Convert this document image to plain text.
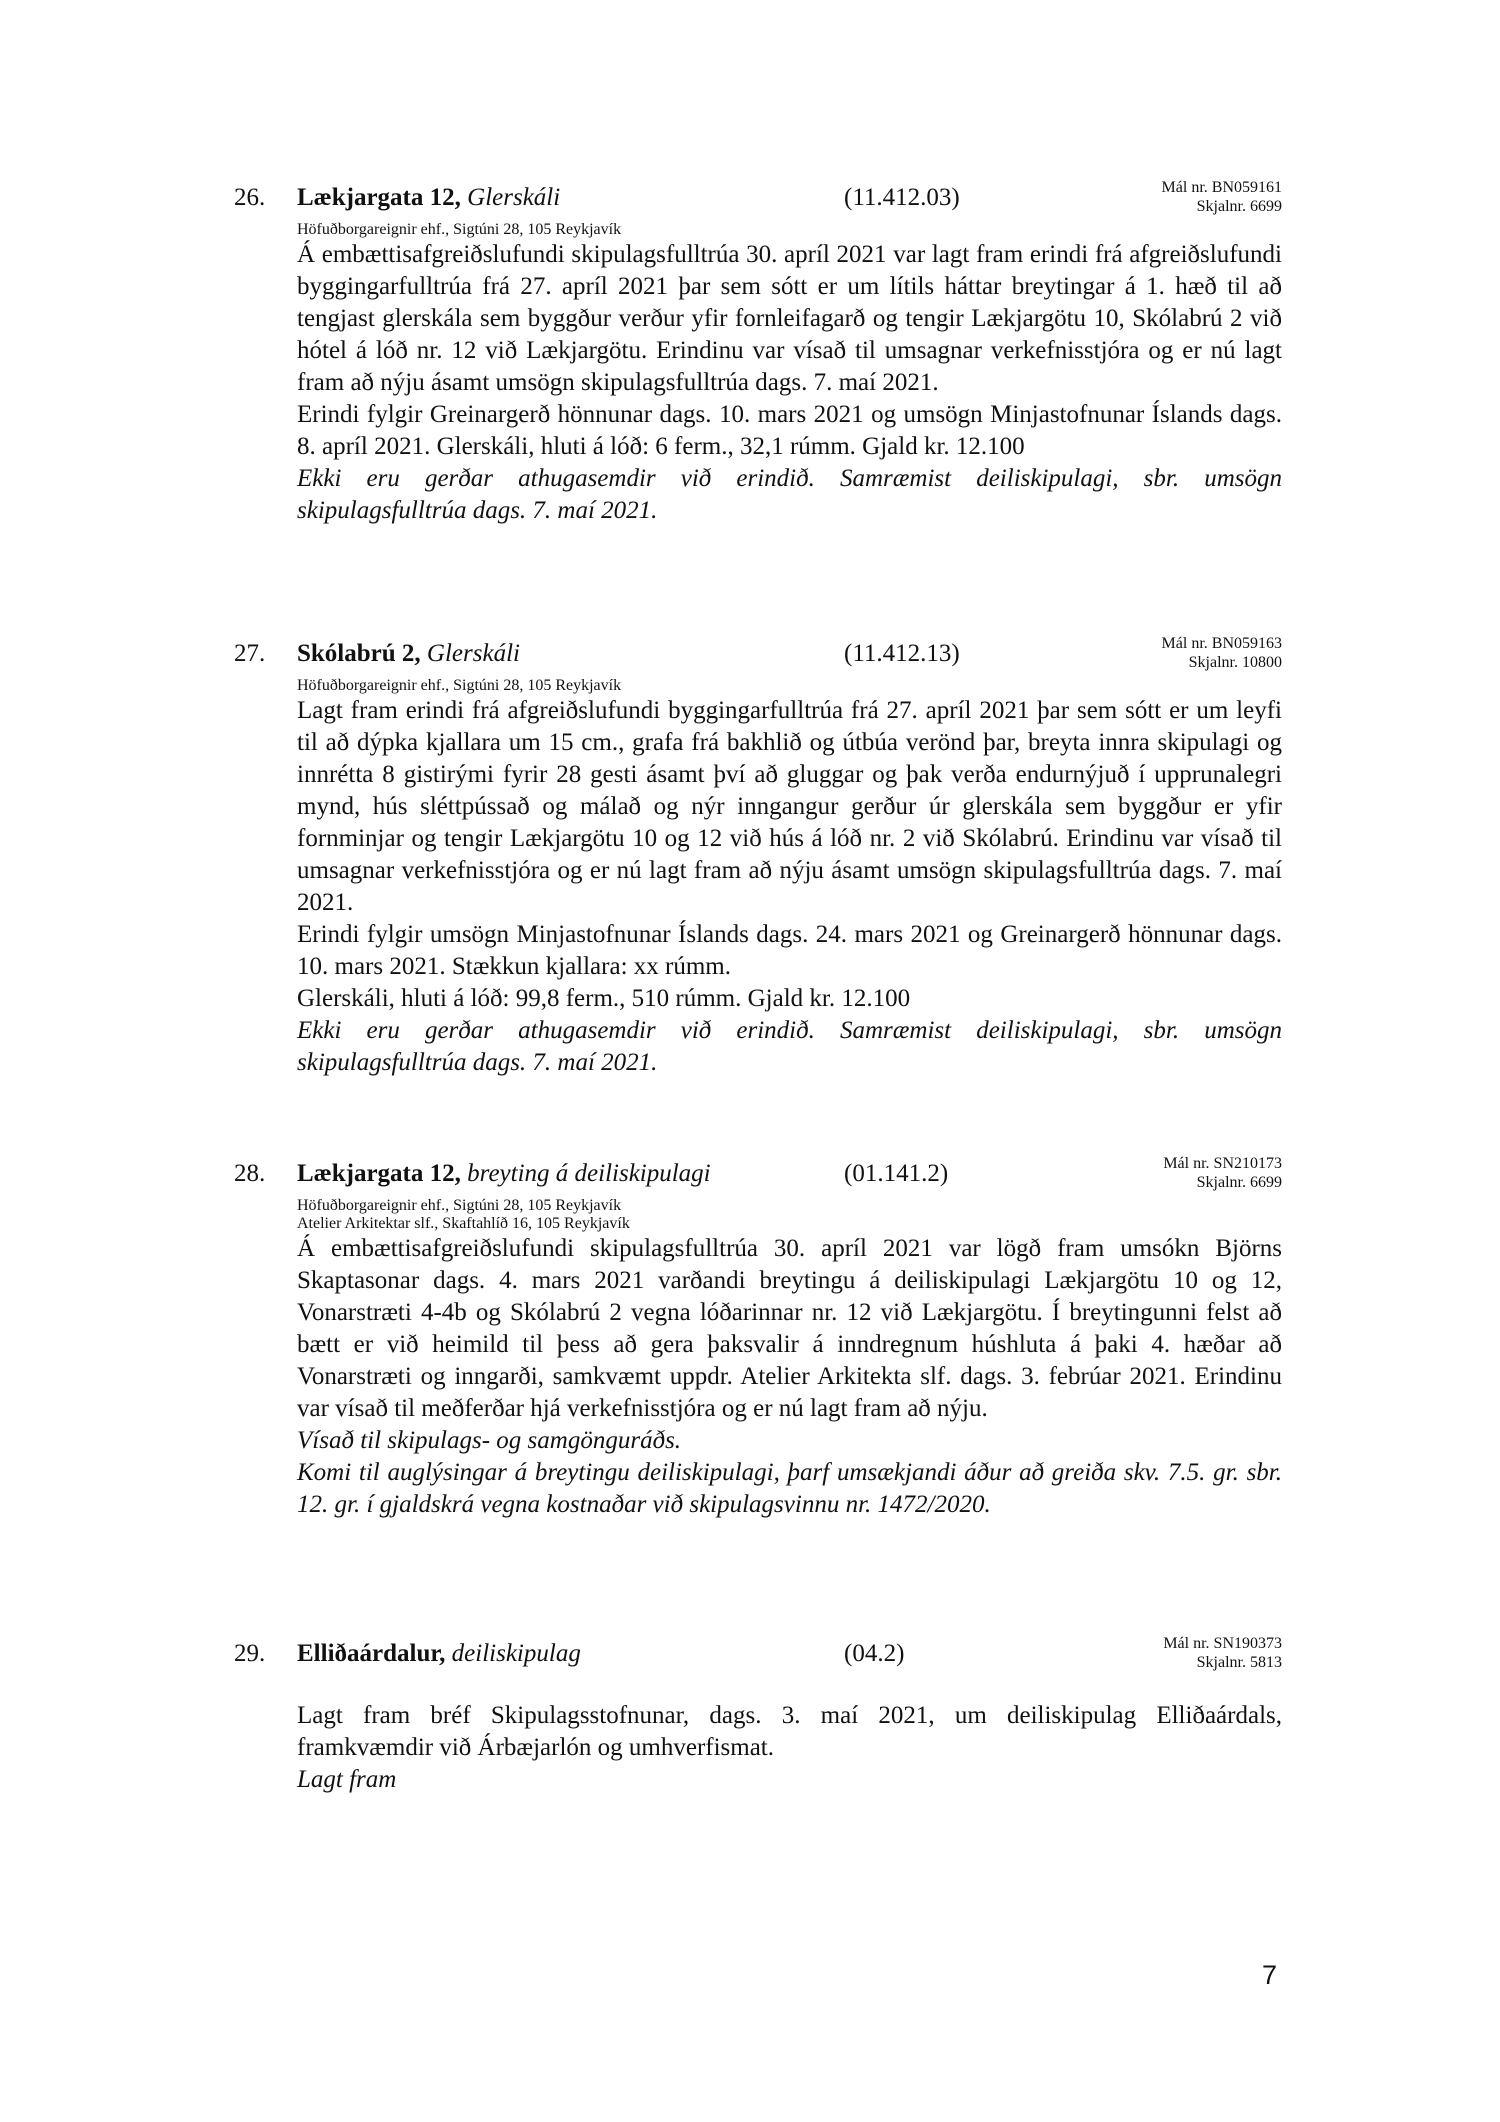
26. Lækjargata 12, Glerskáli	(11.412.03)	Mál nr. BN059161
Skjalnr. 6699
Höfuðborgareignir ehf., Sigtúni 28, 105 Reykjavík

Á embættisafgreiðslufundi skipulagsfulltrúa 30. apríl 2021 var lagt fram erindi frá afgreiðslufundi byggingarfulltrúa frá 27. apríl 2021 þar sem sótt er um lítils háttar breytingar á 1. hæð til að tengjast glerskála sem byggður verður yfir fornleifagarð og tengir Lækjargötu 10, Skólabrú 2 við hótel á lóð nr. 12 við Lækjargötu. Erindinu var vísað til umsagnar verkefnisstjóra og er nú lagt fram að nýju ásamt umsögn skipulagsfulltrúa dags. 7. maí 2021.

Erindi fylgir Greinargerð hönnunar dags. 10. mars 2021 og umsögn Minjastofnunar Íslands dags. 8. apríl 2021. Glerskáli, hluti á lóð: 6 ferm., 32,1 rúmm. Gjald kr. 12.100

Ekki eru gerðar athugasemdir við erindið. Samræmist deiliskipulagi, sbr. umsögn skipulagsfulltrúa dags. 7. maí 2021.

27. Skólabrú 2, Glerskáli	(11.412.13)	Mál nr. BN059163
Skjalnr. 10800
Höfuðborgareignir ehf., Sigtúni 28, 105 Reykjavík

Lagt fram erindi frá afgreiðslufundi byggingarfulltrúa frá 27. apríl 2021 þar sem sótt er um leyfi til að dýpka kjallara um 15 cm., grafa frá bakhlið og útbúa verönd þar, breyta innra skipulagi og innrétta 8 gistirými fyrir 28 gesti ásamt því að gluggar og þak verða endurnýjuð í upprunalegri mynd, hús sléttpússað og málað og nýr inngangur gerður úr glerskála sem byggður er yfir fornminjar og tengir Lækjargötu 10 og 12 við hús á lóð nr. 2 við Skólabrú. Erindinu var vísað til umsagnar verkefnisstjóra og er nú lagt fram að nýju ásamt umsögn skipulagsfulltrúa dags. 7. maí 2021.

Erindi fylgir umsögn Minjastofnunar Íslands dags. 24. mars 2021 og Greinargerð hönnunar dags. 10. mars 2021. Stækkun kjallara: xx rúmm.

Glerskáli, hluti á lóð: 99,8 ferm., 510 rúmm. Gjald kr. 12.100

Ekki eru gerðar athugasemdir við erindið. Samræmist deiliskipulagi, sbr. umsögn skipulagsfulltrúa dags. 7. maí 2021.

28. Lækjargata 12, breyting á deiliskipulagi	(01.141.2)	Mál nr. SN210173
Skjalnr. 6699
Höfuðborgareignir ehf., Sigtúni 28, 105 Reykjavík
Atelier Arkitektar slf., Skaftahlíð 16, 105 Reykjavík

Á embættisafgreiðslufundi skipulagsfulltrúa 30. apríl 2021 var lögð fram umsókn Björns Skaptasonar dags. 4. mars 2021 varðandi breytingu á deiliskipulagi Lækjargötu 10 og 12, Vonarstræti 4-4b og Skólabrú 2 vegna lóðarinnar nr. 12 við Lækjargötu. Í breytingunni felst að bætt er við heimild til þess að gera þaksvalir á inndregnum húshluta á þaki 4. hæðar að Vonarstræti og inngarði, samkvæmt uppdr. Atelier Arkitekta slf. dags. 3. febrúar 2021. Erindinu var vísað til meðferðar hjá verkefnisstjóra og er nú lagt fram að nýju.

Vísað til skipulags- og samgönguráðs.

Komi til auglýsingar á breytingu deiliskipulagi, þarf umsækjandi áður að greiða skv. 7.5. gr. sbr. 12. gr. í gjaldskrá vegna kostnaðar við skipulagsvinnu nr. 1472/2020.

29. Elliðaárdalur, deiliskipulag	(04.2)	Mál nr. SN190373
Skjalnr. 5813

Lagt fram bréf Skipulagsstofnunar, dags. 3. maí 2021, um deiliskipulag Elliðaárdals, framkvæmdir við Árbæjarlón og umhverfismat.

Lagt fram

7
